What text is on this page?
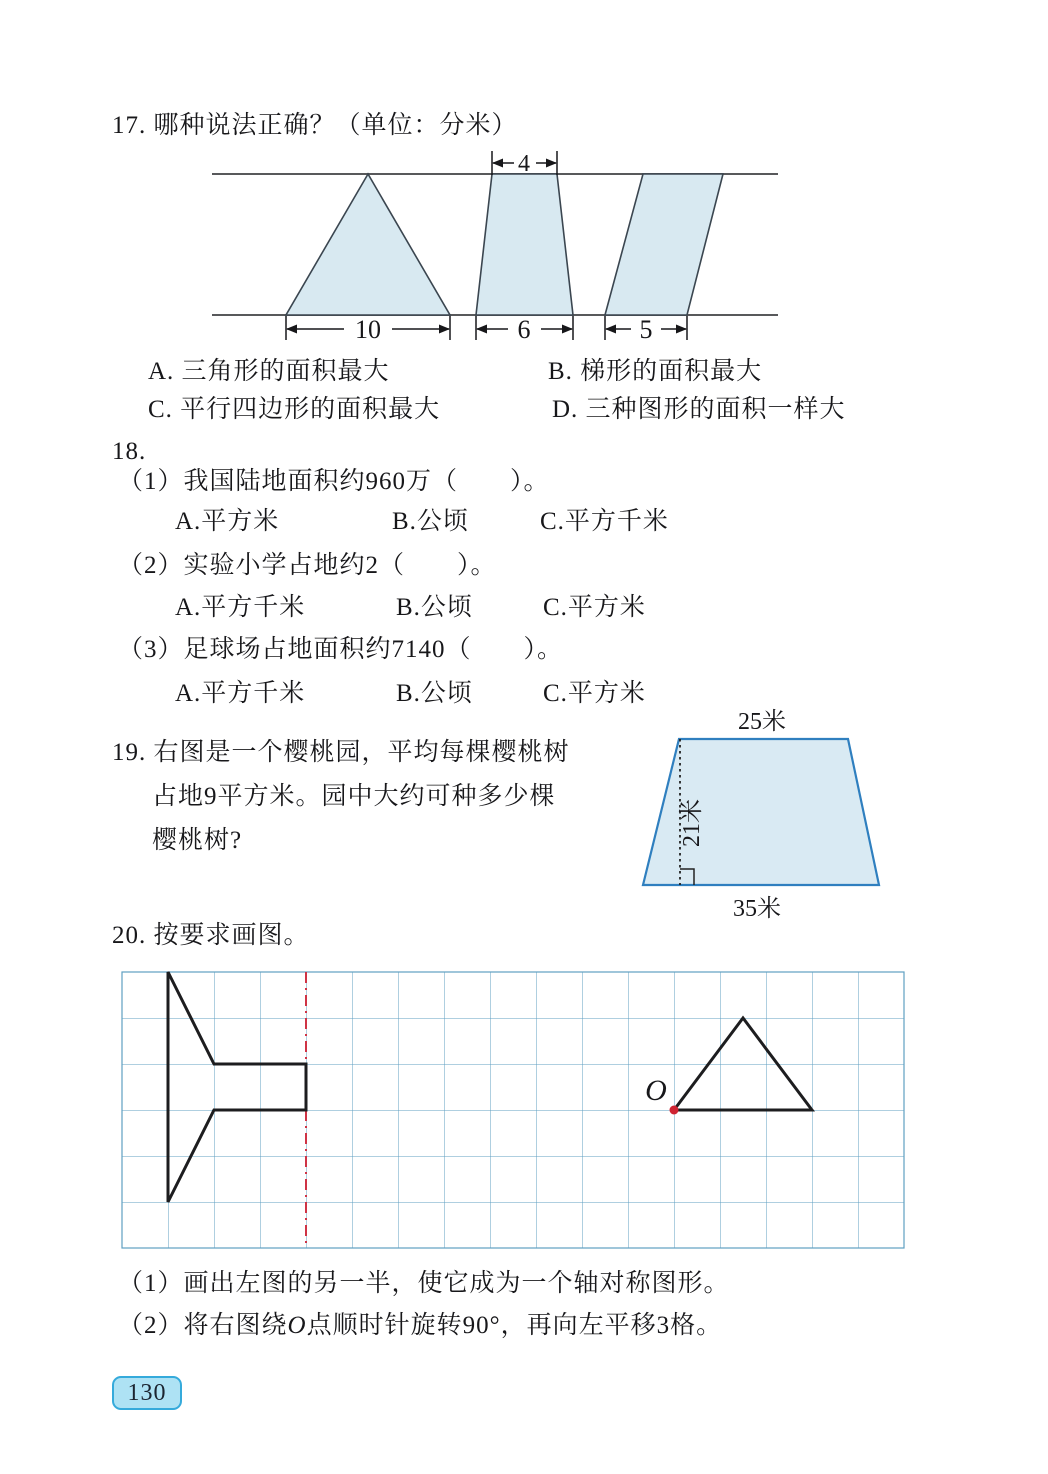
17. 哪种说法正确？（单位：分米）
4
10	6	5
A. 三角形的面积最大	B. 梯形的面积最大
C. 平行四边形的面积最大	D. 三种图形的面积一样大
18.
（1）我国陆地面积约960万（　　）。
A.平方米	B.公顷	C.平方千米
（2）实验小学占地约2（　　）。
A.平方千米	B.公顷	C.平方米
（3）足球场占地面积约7140（　　）。
A.平方千米	B.公顷	C.平方米
19. 右图是一个樱桃园，平均每棵樱桃树
占地9平方米。园中大约可种多少棵
樱桃树?
25米
21米
35米
20. 按要求画图。
O
（1）画出左图的另一半，使它成为一个轴对称图形。
（2）将右图绕O点顺时针旋转90°，再向左平移3格。
130
